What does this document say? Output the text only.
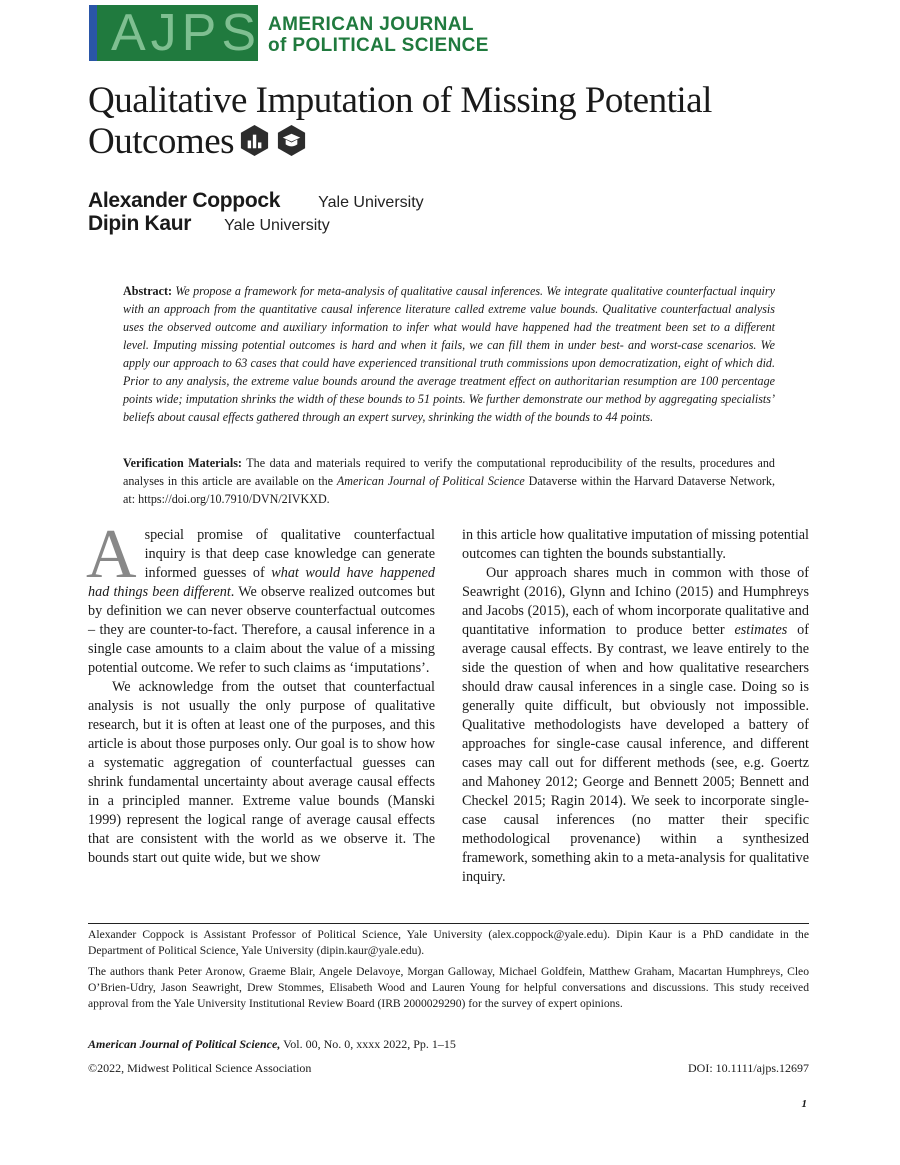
AJPS AMERICAN JOURNAL
of POLITICAL SCIENCE
Qualitative Imputation of Missing Potential Outcomes
Alexander Coppock Yale University
Dipin Kaur Yale University

Abstract: We propose a framework for meta-analysis of qualitative causal inferences. We integrate qualitative counterfactual inquiry with an approach from the quantitative causal inference literature called extreme value bounds. Qualitative counterfactual analysis uses the observed outcome and auxiliary information to infer what would have happened had the treatment been set to a different level. Imputing missing potential outcomes is hard and when it fails, we can fill them in under best- and worst-case scenarios. We apply our approach to 63 cases that could have experienced transitional truth commissions upon democratization, eight of which did. Prior to any analysis, the extreme value bounds around the average treatment effect on authoritarian resumption are 100 percentage points wide; imputation shrinks the width of these bounds to 51 points. We further demonstrate our method by aggregating specialists’ beliefs about causal effects gathered through an expert survey, shrinking the width of the bounds to 44 points.

Verification Materials: The data and materials required to verify the computational reproducibility of the results, procedures and analyses in this article are available on the American Journal of Political Science Dataverse within the Harvard Dataverse Network, at: https://doi.org/10.7910/DVN/2IVKXD.

Aspecial promise of qualitative counterfactual inquiry is that deep case knowledge can generate informed guesses of what would have happened had things been different. We observe realized outcomes but by definition we can never observe counterfactual outcomes – they are counter-to-fact. Therefore, a causal inference in a single case amounts to a claim about the value of a missing potential outcome. We refer to such claims as ‘imputations’.

We acknowledge from the outset that counterfactual analysis is not usually the only purpose of qualitative research, but it is often at least one of the purposes, and this article is about those purposes only. Our goal is to show how a systematic aggregation of counterfactual guesses can shrink fundamental uncertainty about average causal effects in a principled manner. Extreme value bounds (Manski 1999) represent the logical range of average causal effects that are consistent with the world as we observe it. The bounds start out quite wide, but we show

in this article how qualitative imputation of missing potential outcomes can tighten the bounds substantially.

Our approach shares much in common with those of Seawright (2016), Glynn and Ichino (2015) and Humphreys and Jacobs (2015), each of whom incorporate qualitative and quantitative information to produce better estimates of average causal effects. By contrast, we leave entirely to the side the question of when and how qualitative researchers should draw causal inferences in a single case. Doing so is generally quite difficult, but obviously not impossible. Qualitative methodologists have developed a battery of approaches for single-case causal inference, and different cases may call out for different methods (see, e.g. Goertz and Mahoney 2012; George and Bennett 2005; Bennett and Checkel 2015; Ragin 2014). We seek to incorporate single-case causal inferences (no matter their specific methodological provenance) within a synthesized framework, something akin to a meta-analysis for qualitative inquiry.

Alexander Coppock is Assistant Professor of Political Science, Yale University (alex.coppock@yale.edu). Dipin Kaur is a PhD candidate in the Department of Political Science, Yale University (dipin.kaur@yale.edu).

The authors thank Peter Aronow, Graeme Blair, Angele Delavoye, Morgan Galloway, Michael Goldfein, Matthew Graham, Macartan Humphreys, Cleo O’Brien-Udry, Jason Seawright, Drew Stommes, Elisabeth Wood and Lauren Young for helpful conversations and discussions. This study received approval from the Yale University Institutional Review Board (IRB 2000029290) for the survey of expert opinions.

American Journal of Political Science, Vol. 00, No. 0, xxxx 2022, Pp. 1–15
©2022, Midwest Political Science Association	DOI: 10.1111/ajps.12697
1
